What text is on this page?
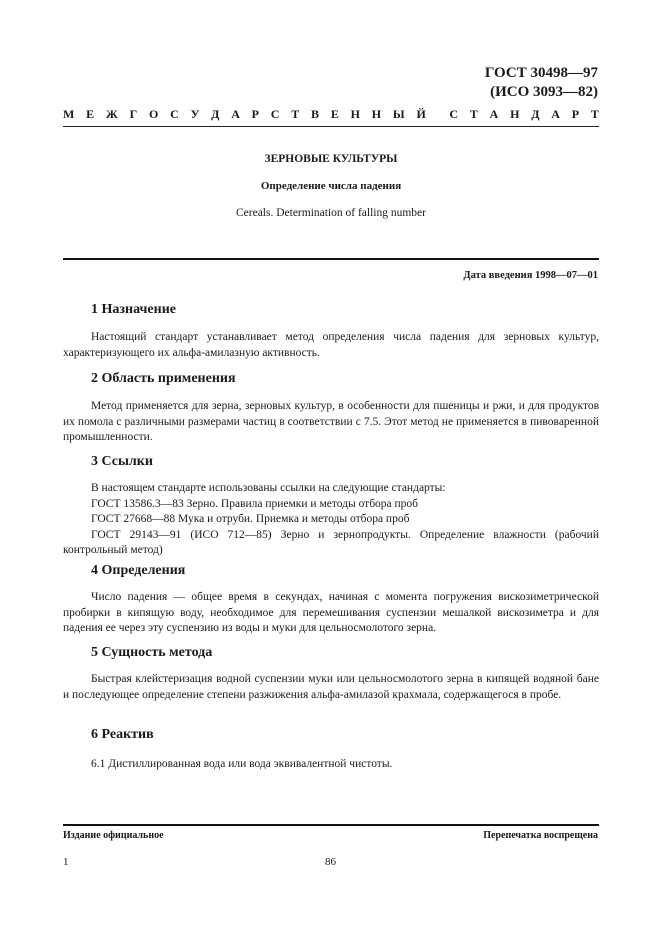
ГОСТ 30498—97
(ИСО 3093—82)
М Е Ж Г О С У Д А Р С Т В Е Н Н Ы Й С Т А Н Д А Р Т
ЗЕРНОВЫЕ КУЛЬТУРЫ
Определение числа падения
Cereals. Determination of falling number
Дата введения 1998—07—01
1 Назначение

Настоящий стандарт устанавливает метод определения числа падения для зерновых культур, характеризующего их альфа-амилазную активность.

2 Область применения

Метод применяется для зерна, зерновых культур, в особенности для пшеницы и ржи, и для продуктов их помола с различными размерами частиц в соответствии с 7.5. Этот метод не применяется в пивоваренной промышленности.

3 Ссылки

В настоящем стандарте использованы ссылки на следующие стандарты:

ГОСТ 13586.3—83 Зерно. Правила приемки и методы отбора проб

ГОСТ 27668—88 Мука и отруби. Приемка и методы отбора проб

ГОСТ 29143—91 (ИСО 712—85) Зерно и зернопродукты. Определение влажности (рабочий контрольный метод)

4 Определения

Число падения — общее время в секундах, начиная с момента погружения вискозиметрической пробирки в кипящую воду, необходимое для перемешивания суспензии мешалкой вискозиметра и для падения ее через эту суспензию из воды и муки для цельносмолотого зерна.

5 Сущность метода

Быстрая клейстеризация водной суспензии муки или цельносмолотого зерна в кипящей водяной бане и последующее определение степени разжижения альфа-амилазой крахмала, содержащегося в пробе.

6 Реактив

6.1 Дистиллированная вода или вода эквивалентной чистоты.

Издание официальное	Перепечатка воспрещена
1	86
